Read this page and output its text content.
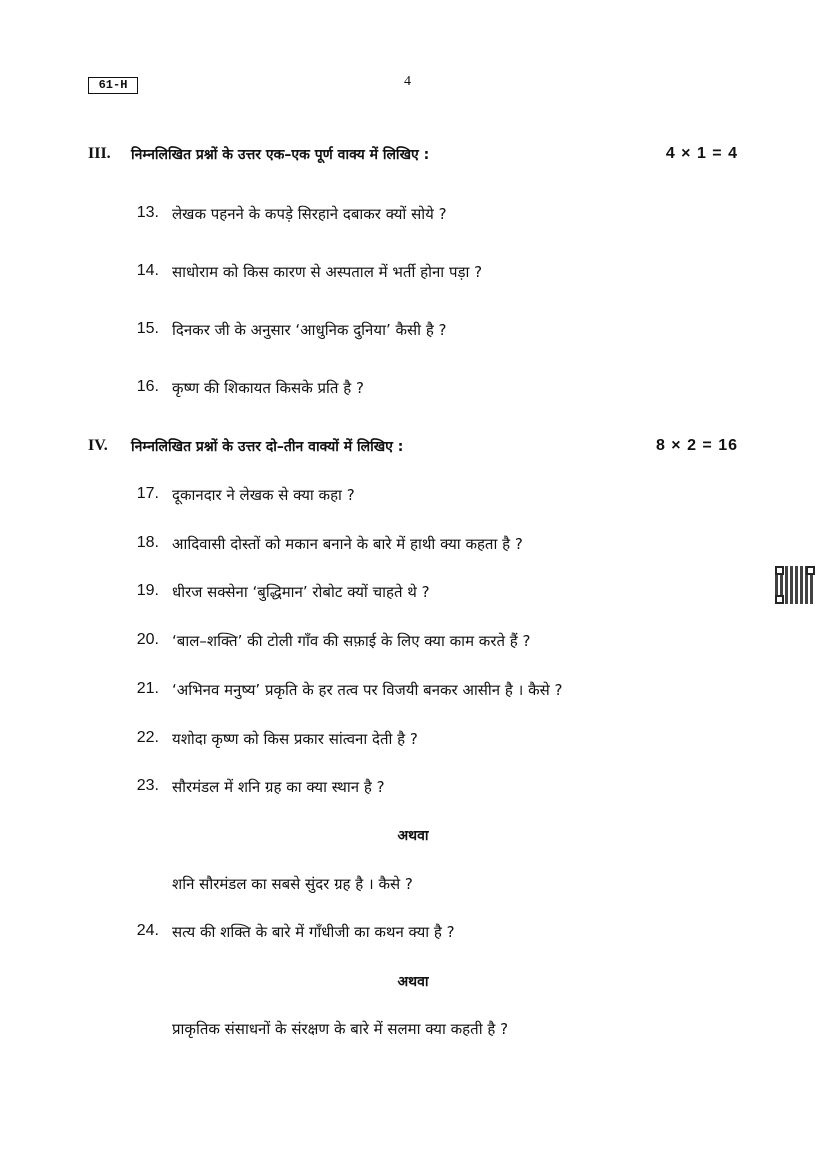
61-H	4
III. निम्नलिखित प्रश्नों के उत्तर एक–एक पूर्ण वाक्य में लिखिए :	4 × 1 = 4
13. लेखक पहनने के कपड़े सिरहाने दबाकर क्यों सोये ?
14. साधोराम को किस कारण से अस्पताल में भर्ती होना पड़ा ?
15. दिनकर जी के अनुसार ‘आधुनिक दुनिया’ कैसी है ?
16. कृष्ण की शिकायत किसके प्रति है ?
IV. निम्नलिखित प्रश्नों के उत्तर दो–तीन वाक्यों में लिखिए :	8 × 2 = 16
17. दूकानदार ने लेखक से क्या कहा ?
18. आदिवासी दोस्तों को मकान बनाने के बारे में हाथी क्या कहता है ?
19. धीरज सक्सेना ‘बुद्धिमान’ रोबोट क्यों चाहते थे ?
20. ‘बाल–शक्ति’ की टोली गाँव की सफ़ाई के लिए क्या काम करते हैं ?
21. ‘अभिनव मनुष्य’ प्रकृति के हर तत्व पर विजयी बनकर आसीन है । कैसे ?
22. यशोदा कृष्ण को किस प्रकार सांत्वना देती है ?
23. सौरमंडल में शनि ग्रह का क्या स्थान है ?
अथवा
शनि सौरमंडल का सबसे सुंदर ग्रह है । कैसे ?
24. सत्य की शक्ति के बारे में गाँधीजी का कथन क्या है ?
अथवा
प्राकृतिक संसाधनों के संरक्षण के बारे में सलमा क्या कहती है ?
